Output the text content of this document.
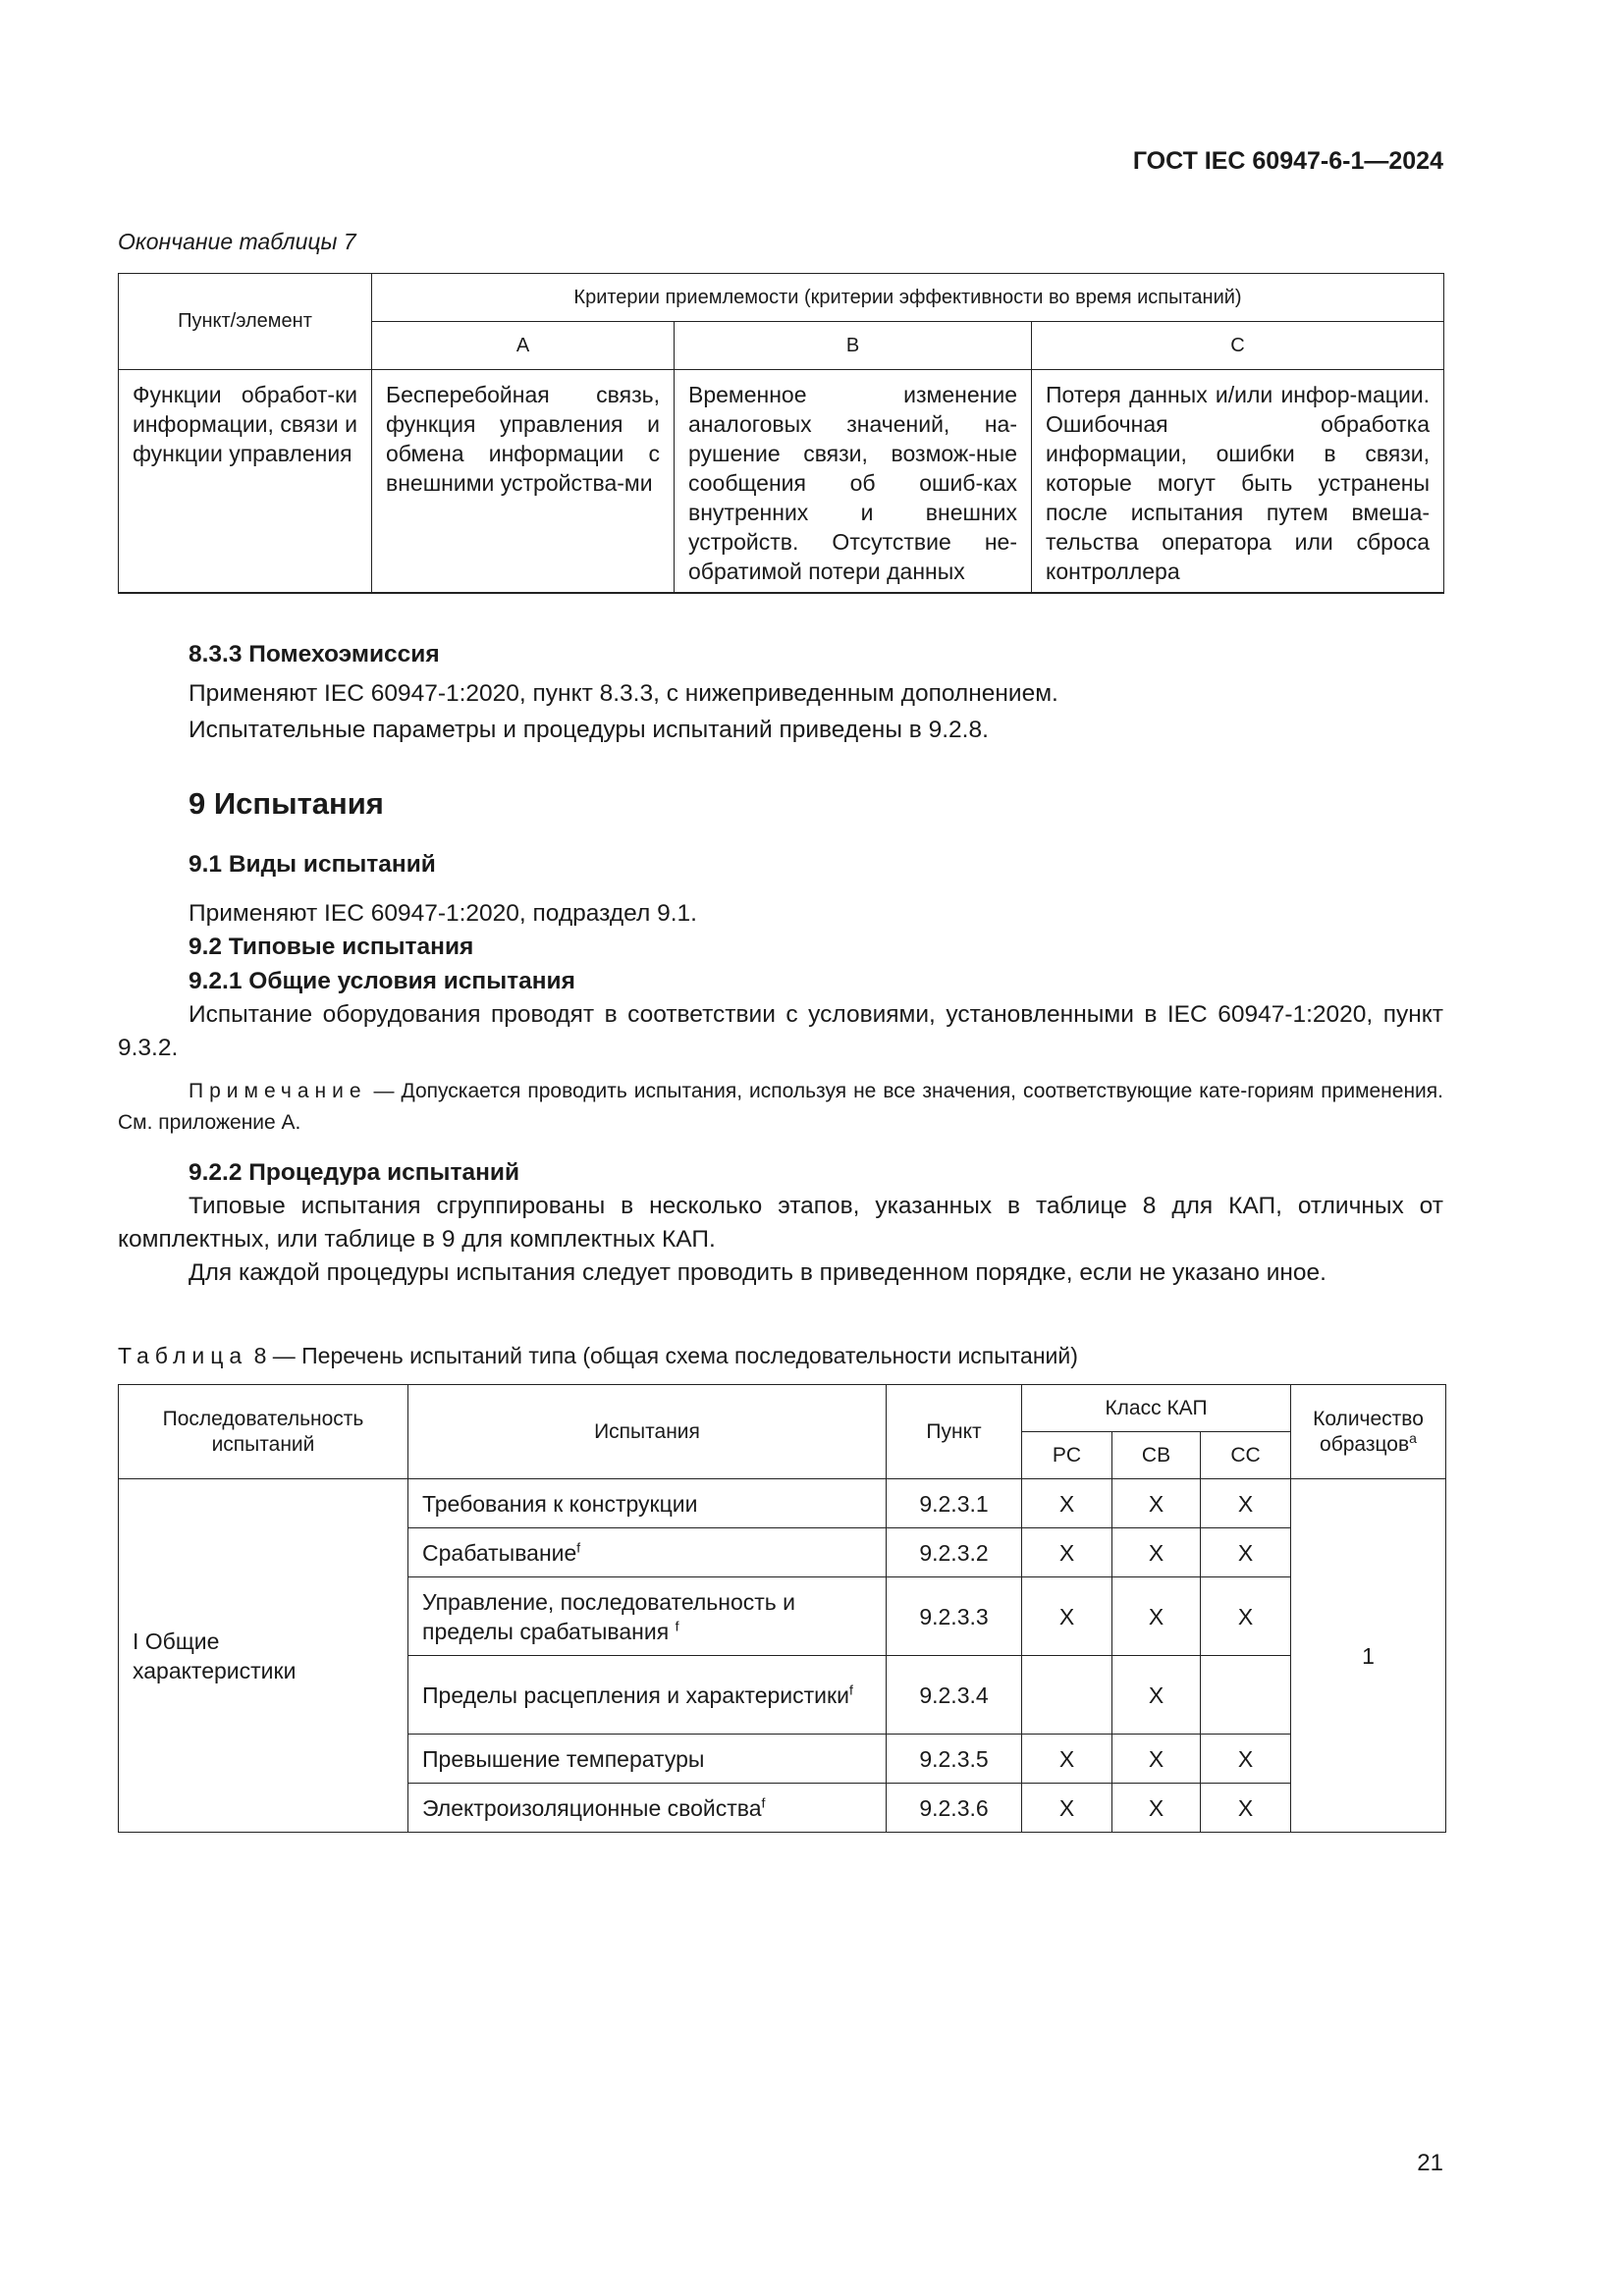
ГОСТ IEC 60947-6-1—2024
Окончание таблицы 7
Пункт/элемент	Критерии приемлемости (критерии эффективности во время испытаний)		
	А	В	С
Функции обработ-ки информации, связи и функции управления	Бесперебойная связь, функция управления и обмена информации с внешними устройства-ми	Временное изменение аналоговых значений, на-рушение связи, возмож-ные сообщения об ошиб-ках внутренних и внешних устройств. Отсутствие не-обратимой потери данных	Потеря данных и/или инфор-мации. Ошибочная обработка информации, ошибки в связи, которые могут быть устранены после испытания путем вмеша-тельства оператора или сброса контроллера
8.3.3 Помехоэмиссия
Применяют IEC 60947-1:2020, пункт 8.3.3, с нижеприведенным дополнением.
Испытательные параметры и процедуры испытаний приведены в 9.2.8.
9 Испытания
9.1 Виды испытаний
Применяют IEC 60947-1:2020, подраздел 9.1.
9.2 Типовые испытания
9.2.1 Общие условия испытания
Испытание оборудования проводят в соответствии с условиями, установленными в IEC 60947-1:2020, пункт 9.3.2.
Примечание — Допускается проводить испытания, используя не все значения, соответствующие кате-гориям применения. См. приложение А.
9.2.2 Процедура испытаний
Типовые испытания сгруппированы в несколько этапов, указанных в таблице 8 для КАП, отличных от комплектных, или таблице в 9 для комплектных КАП.
Для каждой процедуры испытания следует проводить в приведенном порядке, если не указано иное.
Таблица 8 — Перечень испытаний типа (общая схема последовательности испытаний)
Последовательность испытаний	Испытания	Пункт	Класс КАП			Количество образцов$^a$
			PC	CB	CC	
I Общие характеристики	Требования к конструкции	9.2.3.1	X	X	X	1
	Срабатывание$^f$	9.2.3.2	X	X	X	
	Управление, последовательность и пределы срабатывания $^f$	9.2.3.3	X	X	X	
	Пределы расцепления и характеристики$^f$	9.2.3.4		X		
	Превышение температуры	9.2.3.5	X	X	X	
	Электроизоляционные свойства$^f$	9.2.3.6	X	X	X	
21
